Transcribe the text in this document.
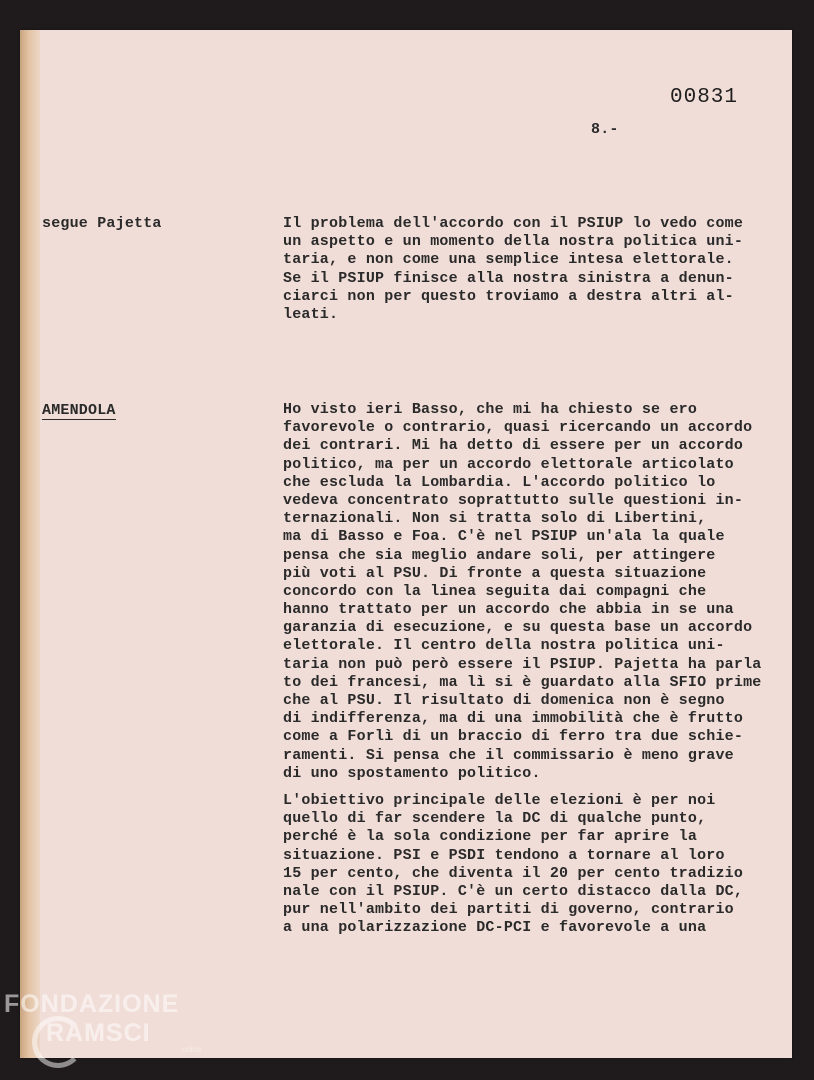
00831
8.-
segue Pajetta	Il problema dell'accordo con il PSIUP lo vedo come
un aspetto e un momento della nostra politica uni-
taria, e non come una semplice intesa elettorale.
Se il PSIUP finisce alla nostra sinistra a denun-
ciarci non per questo troviamo a destra altri al-
leati.
AMENDOLA	Ho visto ieri Basso, che mi ha chiesto se ero
favorevole o contrario, quasi ricercando un accordo
dei contrari. Mi ha detto di essere per un accordo
politico, ma per un accordo elettorale articolato
che escluda la Lombardia. L'accordo politico lo
vedeva concentrato soprattutto sulle questioni in-
ternazionali. Non si tratta solo di Libertini,
ma di Basso e Foa. C'è nel PSIUP un'ala la quale
pensa che sia meglio andare soli, per attingere
più voti al PSU. Di fronte a questa situazione
concordo con la linea seguita dai compagni che
hanno trattato per un accordo che abbia in se una
garanzia di esecuzione, e su questa base un accordo
elettorale. Il centro della nostra politica uni-
taria non può però essere il PSIUP. Pajetta ha parla
to dei francesi, ma lì si è guardato alla SFIO prime
che al PSU. Il risultato di domenica non è segno
di indifferenza, ma di una immobilità che è frutto
come a Forlì di un braccio di ferro tra due schie-
ramenti. Si pensa che il commissario è meno grave
di uno spostamento politico.
L'obiettivo principale delle elezioni è per noi
quello di far scendere la DC di qualche punto,
perché è la sola condizione per far aprire la
situazione. PSI e PSDI tendono a tornare al loro
15 per cento, che diventa il 20 per cento tradizio
nale con il PSIUP. C'è un certo distacco dalla DC,
pur nell'ambito dei partiti di governo, contrario
a una polarizzazione DC-PCI e favorevole a una
FONDAZIONE
RAMSCI
onlus
